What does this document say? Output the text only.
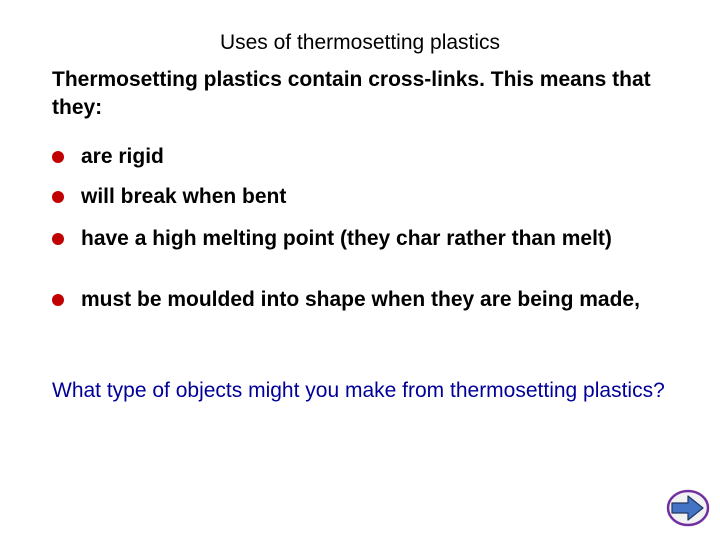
Uses of thermosetting plastics
Thermosetting plastics contain cross-links. This means that they:
are rigid
will break when bent
have a high melting point (they char rather than melt)
must be moulded into shape when they are being made,
What type of objects might you make from thermosetting plastics?
